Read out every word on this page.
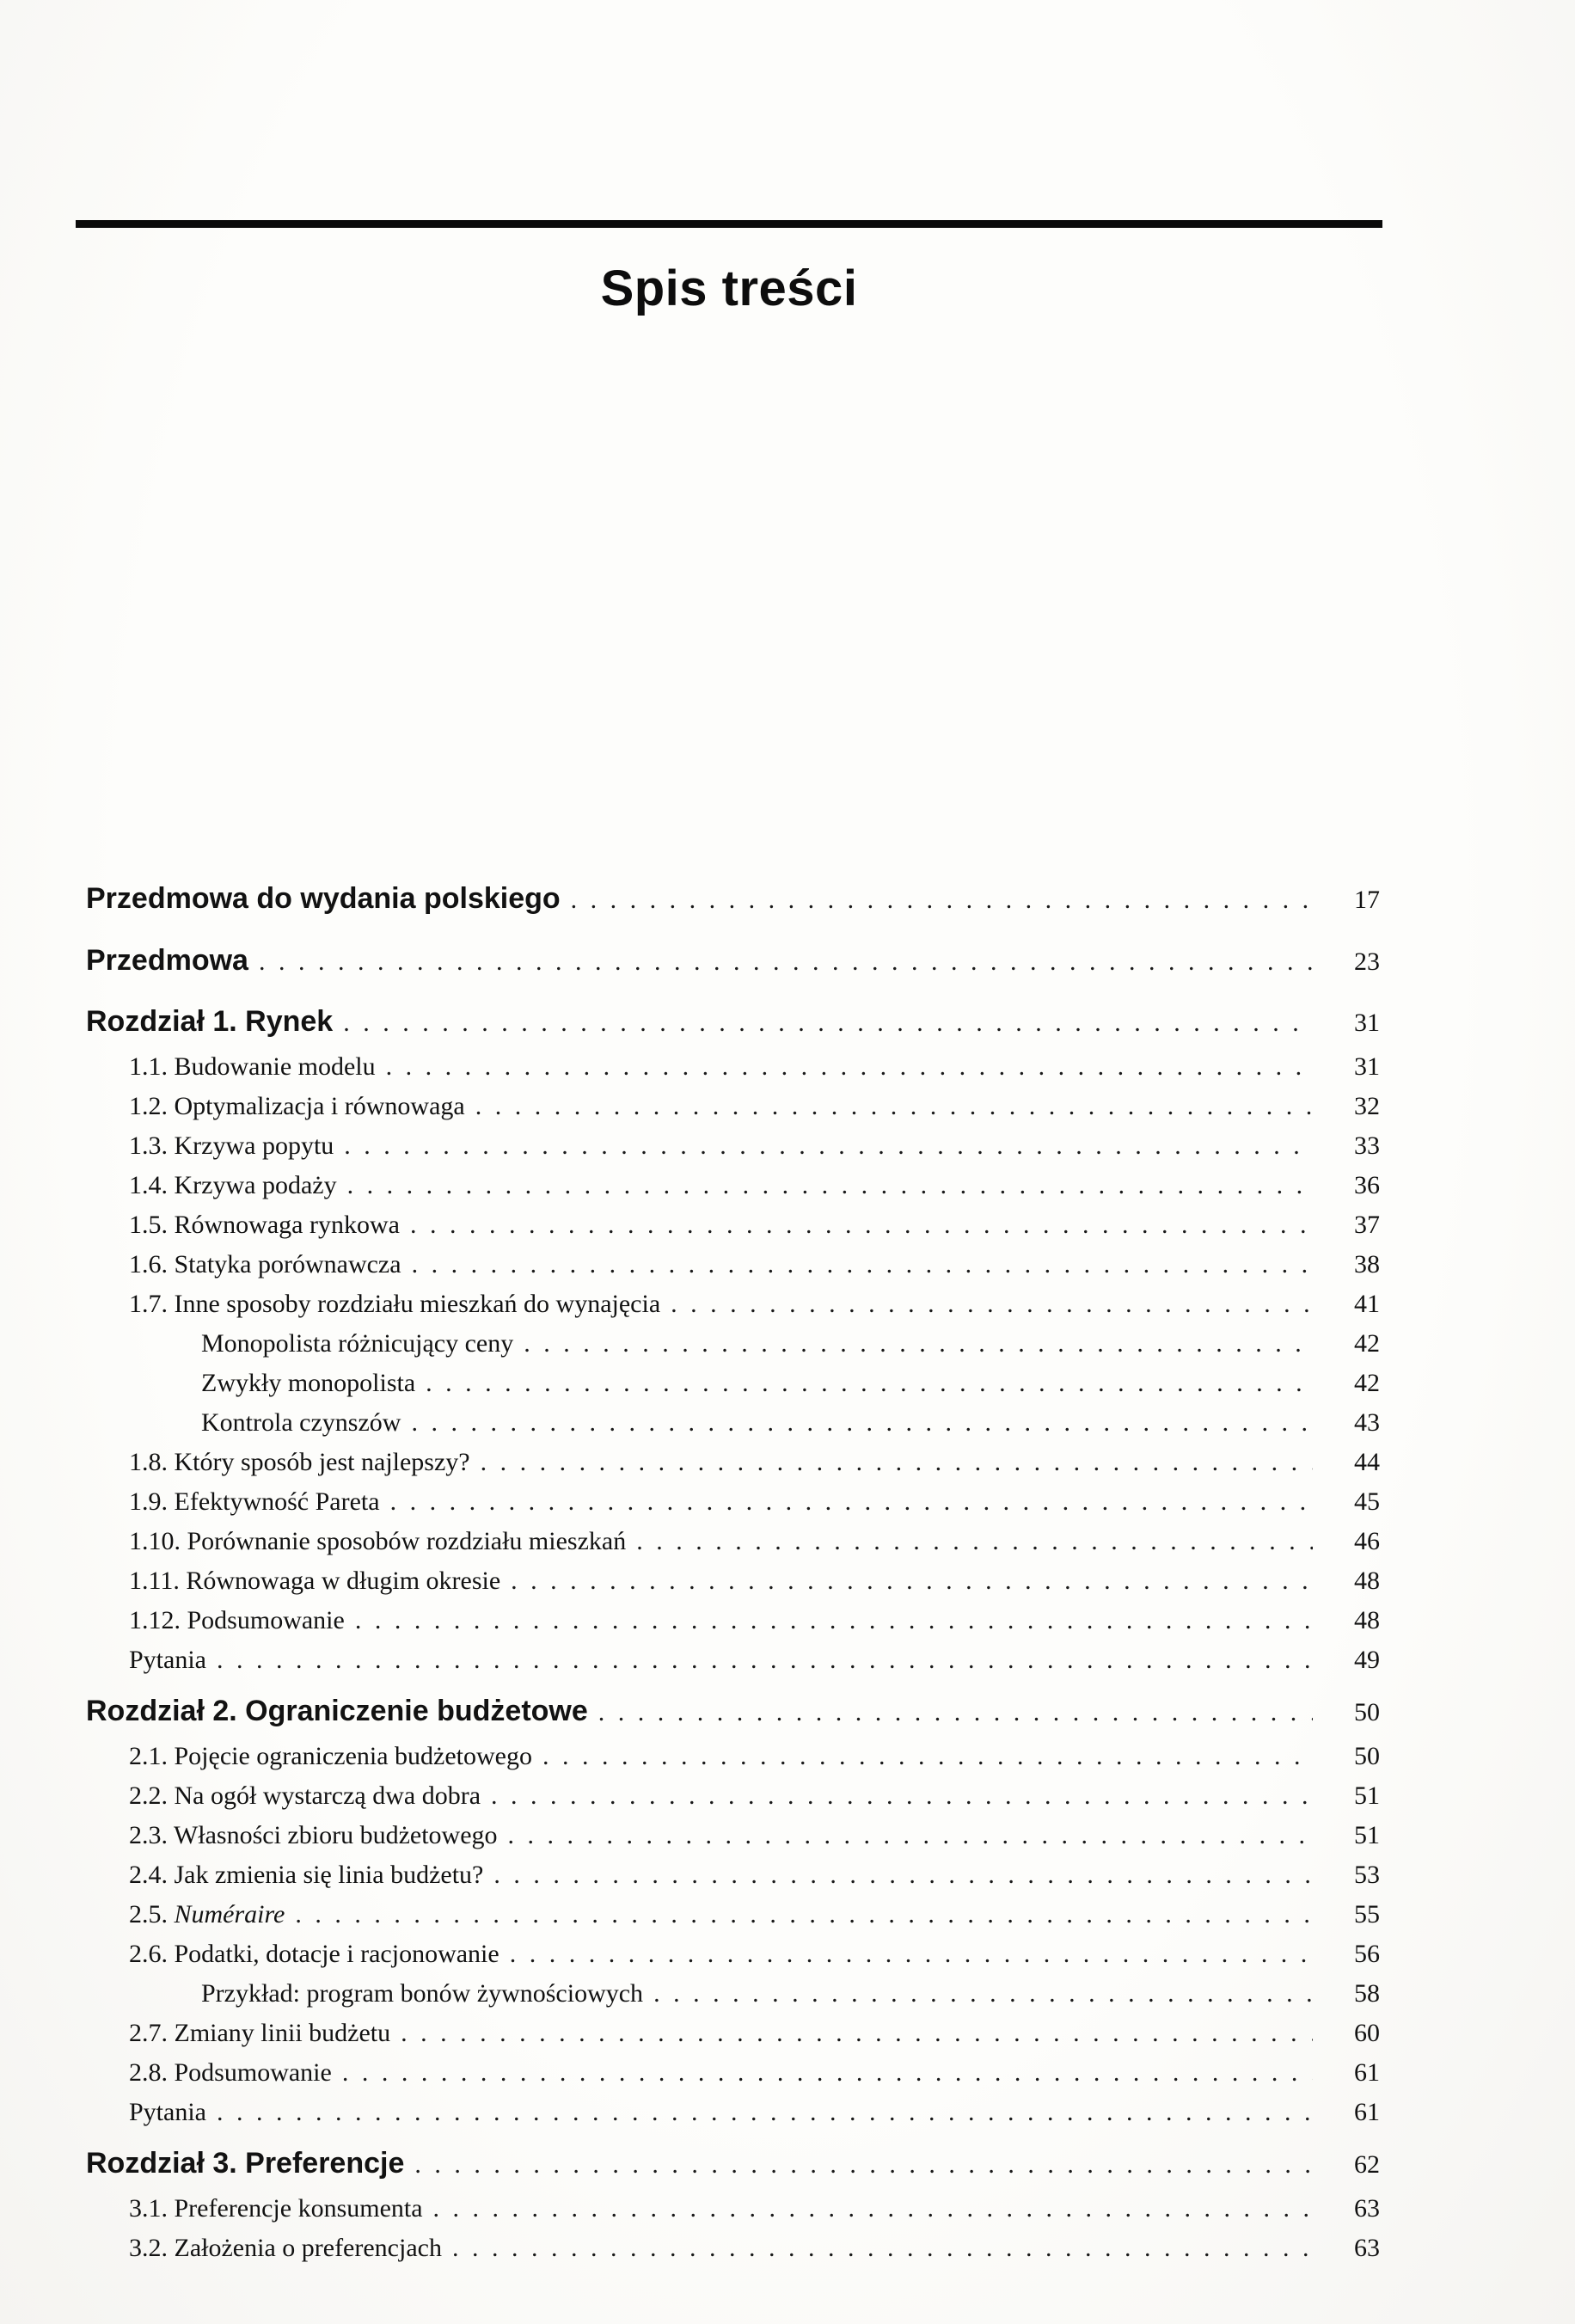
Spis treści
Przedmowa do wydania polskiego . . .	17
Przedmowa . . .	23
Rozdział 1. Rynek . . .	31
1.1. Budowanie modelu . . .	31
1.2. Optymalizacja i równowaga . . .	32
1.3. Krzywa popytu . . .	33
1.4. Krzywa podaży . . .	36
1.5. Równowaga rynkowa . . .	37
1.6. Statyka porównawcza . . .	38
1.7. Inne sposoby rozdziału mieszkań do wynajęcia . . .	41
Monopolista różnicujący ceny . . .	42
Zwykły monopolista . . .	42
Kontrola czynszów . . .	43
1.8. Który sposób jest najlepszy? . . .	44
1.9. Efektywność Pareta . . .	45
1.10. Porównanie sposobów rozdziału mieszkań . . .	46
1.11. Równowaga w długim okresie . . .	48
1.12. Podsumowanie . . .	48
Pytania . . .	49
Rozdział 2. Ograniczenie budżetowe . . .	50
2.1. Pojęcie ograniczenia budżetowego . . .	50
2.2. Na ogół wystarczą dwa dobra . . .	51
2.3. Własności zbioru budżetowego . . .	51
2.4. Jak zmienia się linia budżetu? . . .	53
2.5. Numéraire . . .	55
2.6. Podatki, dotacje i racjonowanie . . .	56
Przykład: program bonów żywnościowych . . .	58
2.7. Zmiany linii budżetu . . .	60
2.8. Podsumowanie . . .	61
Pytania . . .	61
Rozdział 3. Preferencje . . .	62
3.1. Preferencje konsumenta . . .	63
3.2. Założenia o preferencjach . . .	63
